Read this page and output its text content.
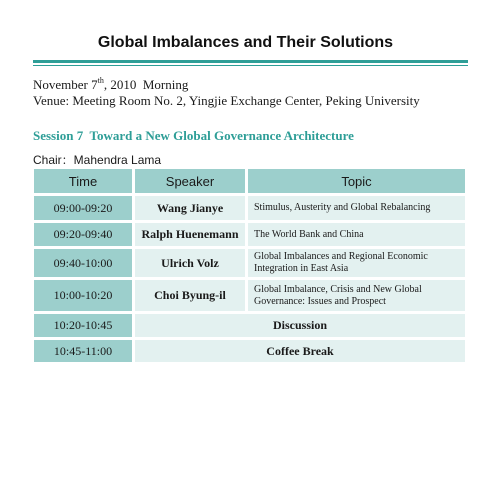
Global Imbalances and Their Solutions
November 7th, 2010  Morning
Venue: Meeting Room No. 2, Yingjie Exchange Center, Peking University
Session 7  Toward a New Global Governance Architecture
Chair：Mahendra Lama
Time	Speaker	Topic
09:00-09:20	Wang Jianye	Stimulus, Austerity and Global Rebalancing
09:20-09:40	Ralph Huenemann	The World Bank and China
09:40-10:00	Ulrich Volz	Global Imbalances and Regional Economic Integration in East Asia
10:00-10:20	Choi Byung-il	Global Imbalance, Crisis and New Global Governance: Issues and Prospect
10:20-10:45	Discussion
10:45-11:00	Coffee Break
